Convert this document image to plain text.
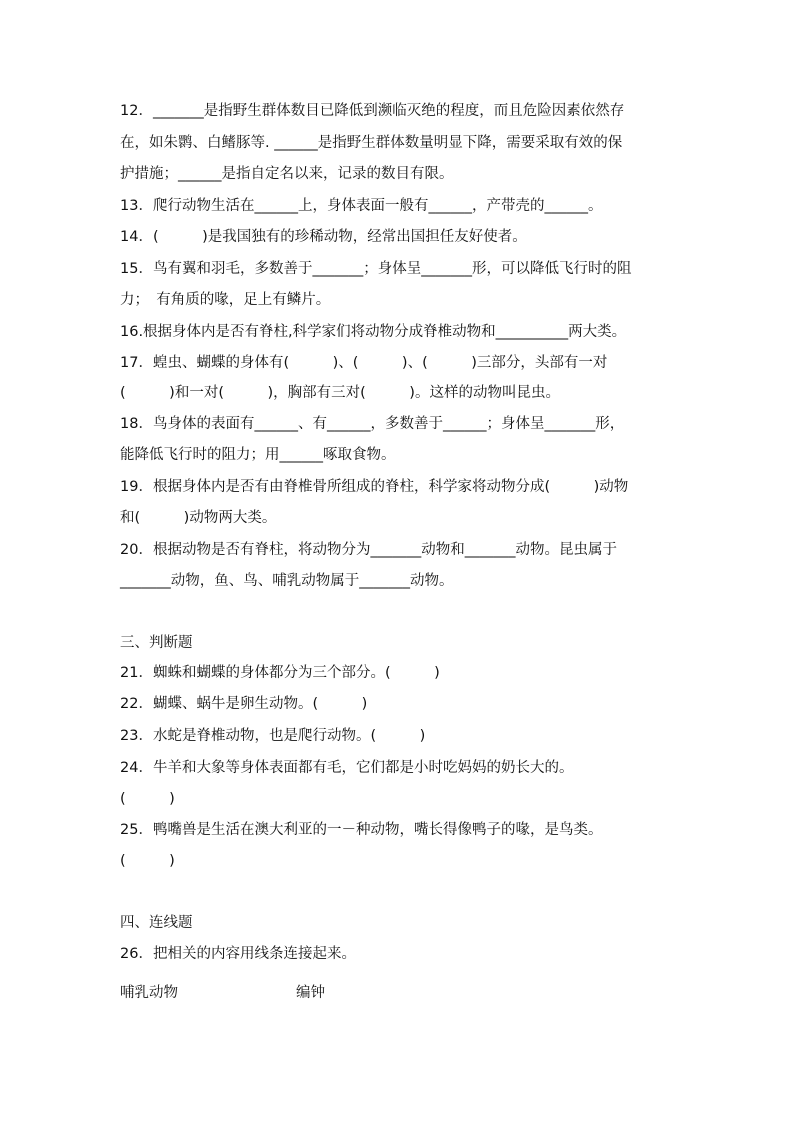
12．_______是指野生群体数目已降低到濒临灭绝的程度，而且危险因素依然存
在，如朱鹮、白鳍豚等. ______是指野生群体数量明显下降，需要采取有效的保
护措施；______是指自定名以来，记录的数目有限。
13．爬行动物生活在______上，身体表面一般有______，产带壳的______。
14．(　　　)是我国独有的珍稀动物，经常出国担任友好使者。
15．鸟有翼和羽毛，多数善于_______；身体呈_______形，可以降低飞行时的阻
力；　有角质的喙，足上有鳞片。
16.根据身体内是否有脊柱,科学家们将动物分成脊椎动物和__________两大类。
17．蝗虫、蝴蝶的身体有(　　　)、(　　　)、(　　　)三部分，头部有一对
(　　　)和一对(　　　)，胸部有三对(　　　)。这样的动物叫昆虫。
18．鸟身体的表面有______、有______，多数善于______；身体呈_______形，
能降低飞行时的阻力；用______啄取食物。
19．根据身体内是否有由脊椎骨所组成的脊柱，科学家将动物分成(　　　)动物
和(　　　)动物两大类。
20．根据动物是否有脊柱，将动物分为_______动物和_______动物。昆虫属于
_______动物，鱼、鸟、哺乳动物属于_______动物。
三、判断题
21．蜘蛛和蝴蝶的身体都分为三个部分。(　　　)
22．蝴蝶、蜗牛是卵生动物。(　　　)
23．水蛇是脊椎动物，也是爬行动物。(　　　)
24．牛羊和大象等身体表面都有毛，它们都是小时吃妈妈的奶长大的。
(　　　)
25．鸭嘴兽是生活在澳大利亚的一－种动物，嘴长得像鸭子的喙，是鸟类。
(　　　)
四、连线题
26．把相关的内容用线条连接起来。
哺乳动物	编钟
